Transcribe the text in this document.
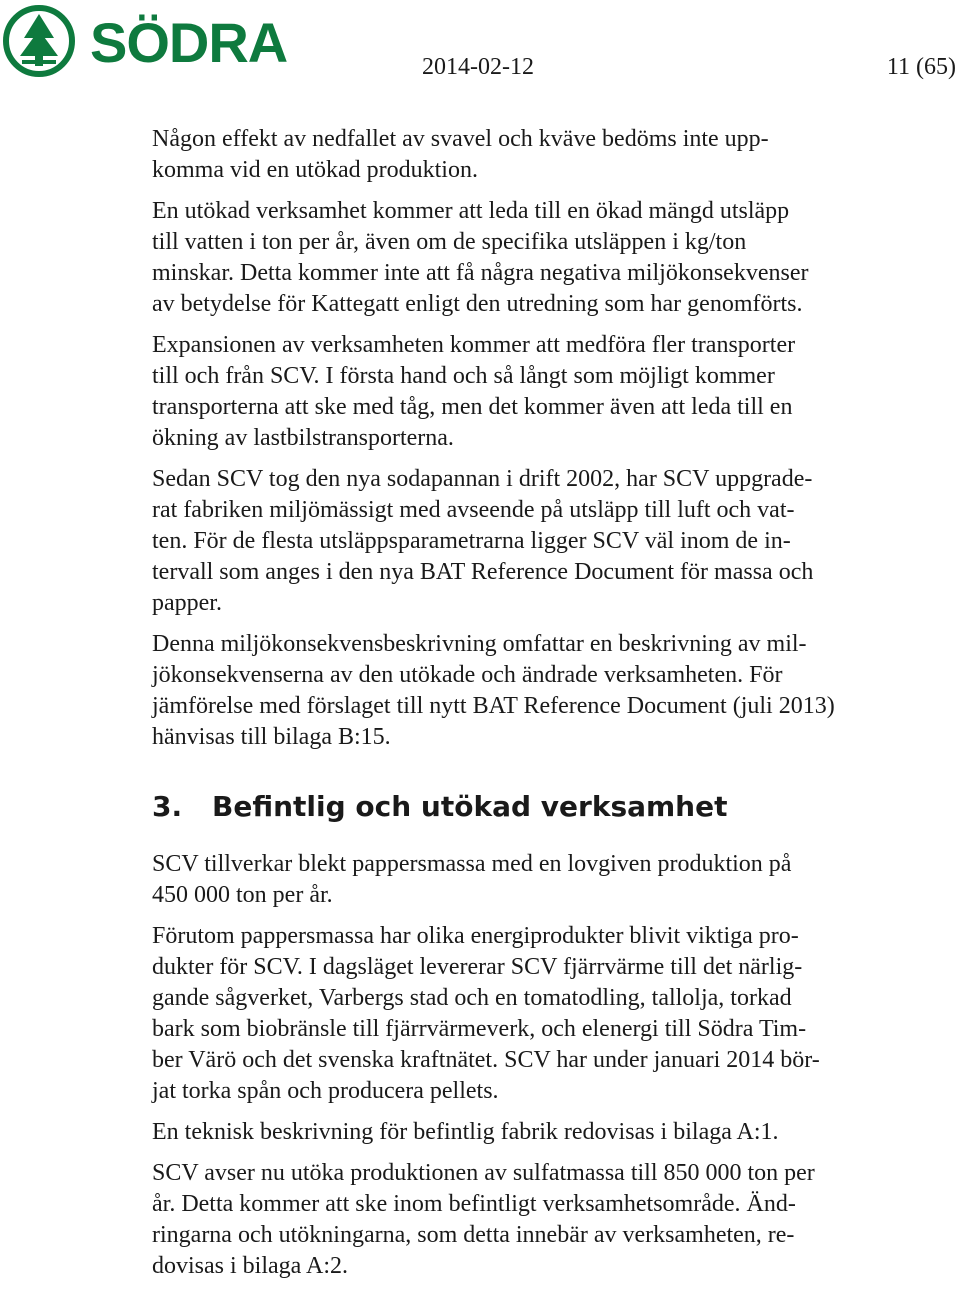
SÖDRA	2014-02-12	11 (65)

Någon effekt av nedfallet av svavel och kväve bedöms inte upp-
komma vid en utökad produktion.

En utökad verksamhet kommer att leda till en ökad mängd utsläpp
till vatten i ton per år, även om de specifika utsläppen i kg/ton
minskar. Detta kommer inte att få några negativa miljökonsekvenser
av betydelse för Kattegatt enligt den utredning som har genomförts.

Expansionen av verksamheten kommer att medföra fler transporter
till och från SCV. I första hand och så långt som möjligt kommer
transporterna att ske med tåg, men det kommer även att leda till en
ökning av lastbilstransporterna.

Sedan SCV tog den nya sodapannan i drift 2002, har SCV uppgrade-
rat fabriken miljömässigt med avseende på utsläpp till luft och vat-
ten. För de flesta utsläppsparametrarna ligger SCV väl inom de in-
tervall som anges i den nya BAT Reference Document för massa och
papper.

Denna miljökonsekvensbeskrivning omfattar en beskrivning av mil-
jökonsekvenserna av den utökade och ändrade verksamheten. För
jämförelse med förslaget till nytt BAT Reference Document (juli 2013)
hänvisas till bilaga B:15.

3.	Befintlig och utökad verksamhet

SCV tillverkar blekt pappersmassa med en lovgiven produktion på
450 000 ton per år.

Förutom pappersmassa har olika energiprodukter blivit viktiga pro-
dukter för SCV. I dagsläget levererar SCV fjärrvärme till det närlig-
gande sågverket, Varbergs stad och en tomatodling, tallolja, torkad
bark som biobränsle till fjärrvärmeverk, och elenergi till Södra Tim-
ber Värö och det svenska kraftnätet. SCV har under januari 2014 bör-
jat torka spån och producera pellets.

En teknisk beskrivning för befintlig fabrik redovisas i bilaga A:1.

SCV avser nu utöka produktionen av sulfatmassa till 850 000 ton per
år. Detta kommer att ske inom befintligt verksamhetsområde. Änd-
ringarna och utökningarna, som detta innebär av verksamheten, re-
dovisas i bilaga A:2.
